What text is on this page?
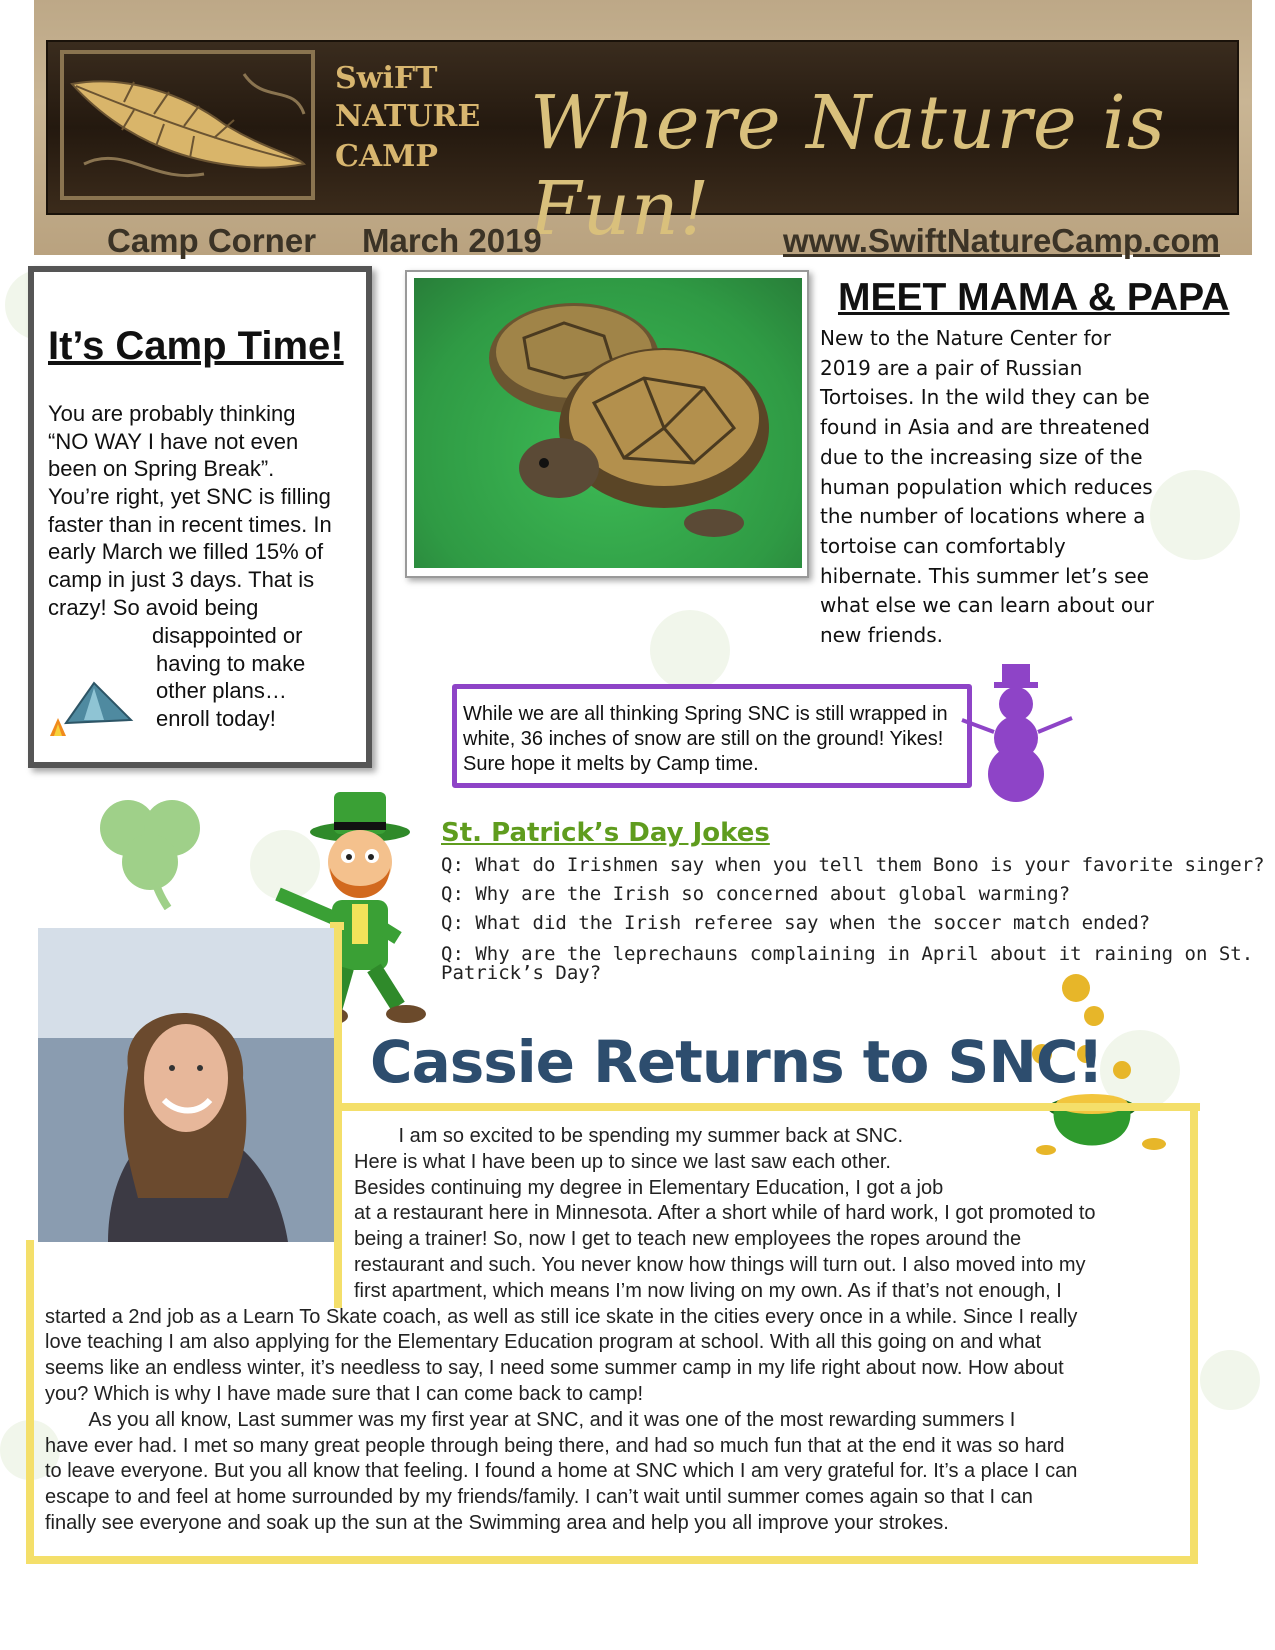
SwiFT
NATURE
CAMP Where Nature is Fun!
Camp Corner March 2019	www.SwiftNatureCamp.com
It’s Camp Time!
You are probably thinking
“NO WAY I have not even
been on Spring Break”.
You’re right, yet SNC is filling
faster than in recent times. In
early March we filled 15% of
camp in just 3 days. That is
crazy! So avoid being
disappointed or
having to make
other plans…
enroll today!
MEET MAMA & PAPA
New to the Nature Center for
2019 are a pair of Russian
Tortoises. In the wild they can be
found in Asia and are threatened
due to the increasing size of the
human population which reduces
the number of locations where a
tortoise can comfortably
hibernate. This summer let’s see
what else we can learn about our
new friends.
While we are all thinking Spring SNC is still wrapped in white, 36 inches of snow are still on the ground! Yikes! Sure hope it melts by Camp time.
St. Patrick’s Day Jokes
Q: What do Irishmen say when you tell them Bono is your favorite singer?
Q: Why are the Irish so concerned about global warming?
Q: What did the Irish referee say when the soccer match ended?
Q: Why are the leprechauns complaining in April about it raining on St.
Patrick’s Day?
Cassie Returns to SNC!
I am so excited to be spending my summer back at SNC.
Here is what I have been up to since we last saw each other.
Besides continuing my degree in Elementary Education, I got a job
at a restaurant here in Minnesota. After a short while of hard work, I got promoted to
being a trainer! So, now I get to teach new employees the ropes around the
restaurant and such. You never know how things will turn out. I also moved into my
first apartment, which means I’m now living on my own. As if that’s not enough, I
started a 2nd job as a Learn To Skate coach, as well as still ice skate in the cities every once in a while. Since I really
love teaching I am also applying for the Elementary Education program at school. With all this going on and what
seems like an endless winter, it’s needless to say, I need some summer camp in my life right about now. How about
you? Which is why I have made sure that I can come back to camp!
As you all know, Last summer was my first year at SNC, and it was one of the most rewarding summers I
have ever had. I met so many great people through being there, and had so much fun that at the end it was so hard
to leave everyone. But you all know that feeling. I found a home at SNC which I am very grateful for. It’s a place I can
escape to and feel at home surrounded by my friends/family. I can’t wait until summer comes again so that I can
finally see everyone and soak up the sun at the Swimming area and help you all improve your strokes.
